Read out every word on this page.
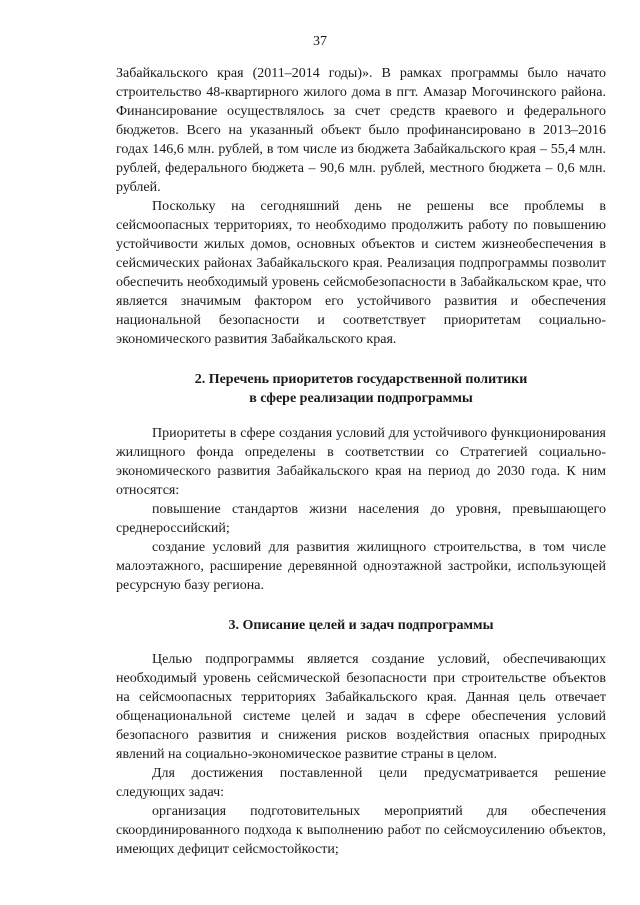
37

Забайкальского края (2011–2014 годы)». В рамках программы было начато строительство 48-квартирного жилого дома в пгт. Амазар Могочинского района. Финансирование осуществлялось за счет средств краевого и федерального бюджетов. Всего на указанный объект было профинансировано в 2013–2016 годах 146,6 млн. рублей, в том числе из бюджета Забайкальского края – 55,4 млн. рублей, федерального бюджета – 90,6 млн. рублей, местного бюджета – 0,6 млн. рублей.

Поскольку на сегодняшний день не решены все проблемы в сейсмоопасных территориях, то необходимо продолжить работу по повышению устойчивости жилых домов, основных объектов и систем жизнеобеспечения в сейсмических районах Забайкальского края. Реализация подпрограммы позволит обеспечить необходимый уровень сейсмобезопасности в Забайкальском крае, что является значимым фактором его устойчивого развития и обеспечения национальной безопасности и соответствует приоритетам социально-экономического развития Забайкальского края.

2. Перечень приоритетов государственной политики
в сфере реализации подпрограммы

Приоритеты в сфере создания условий для устойчивого функционирования жилищного фонда определены в соответствии со Стратегией социально-экономического развития Забайкальского края на период до 2030 года. К ним относятся:

повышение стандартов жизни населения до уровня, превышающего среднероссийский;

создание условий для развития жилищного строительства, в том числе малоэтажного, расширение деревянной одноэтажной застройки, использующей ресурсную базу региона.

3. Описание целей и задач подпрограммы

Целью подпрограммы является создание условий, обеспечивающих необходимый уровень сейсмической безопасности при строительстве объектов на сейсмоопасных территориях Забайкальского края. Данная цель отвечает общенациональной системе целей и задач в сфере обеспечения условий безопасного развития и снижения рисков воздействия опасных природных явлений на социально-экономическое развитие страны в целом.

Для достижения поставленной цели предусматривается решение следующих задач:

организация подготовительных мероприятий для обеспечения скоординированного подхода к выполнению работ по сейсмоусилению объектов, имеющих дефицит сейсмостойкости;
